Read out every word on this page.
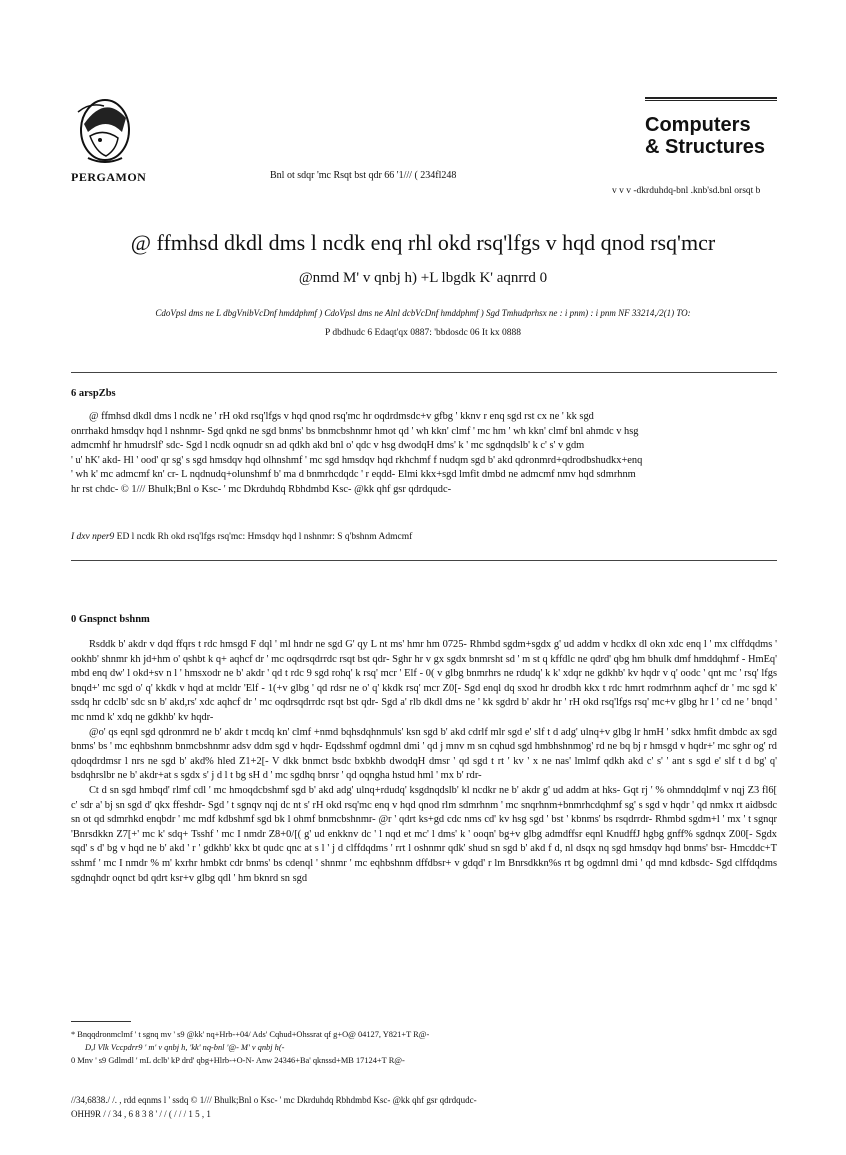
PERGAMON	Bnl ot sdqr 'mc Rsqt bst qdr 66 '1/// ( 234fl248
Computers
& Structures
v v v -dkrduhdq-bnl .knb'sd.bnl orsqt b
@ ffmhsd dkdl dms l ncdk enq rhl okd rsq'lfgs v hqd qnod rsq'mcr
@nmd M' v qnbj h) +L lbgdk K' aqnrrd 0
CdoVpsl dms ne L dbgVnibVcDnf hmddphmf ) CdoVpsl dms ne Alnl dcbVcDnf hmddphmf ) Sgd Tmhudprhsx ne : i pnm) : i pnm NF 33214,/2(1) TO:
P dbdhudc 6 Edaqt'qx 0887: 'bbdosdc 06 It kx 0888
6 arspZbs
@ ffmhsd dkdl dms l ncdk ne ' rH okd rsq'lfgs v hqd qnod rsq'mc hr oqdrdmsdc+v gfbg ' kknv r enq sgd rst cx ne ' kk sgd
onrrhakd hmsdqv hqd l nshnmr- Sgd qnkd ne sgd bnms' bs bnmcbshnmr hmot qd ' wh kkn' clmf ' mc hm ' wh kkn' clmf bnl ahmdc v hsg
admcmhf hr hmudrslf' sdc- Sgd l ncdk oqnudr sn ad qdkh akd bnl o' qdc v hsg dwodqH dms' k ' mc sgdnqdslb' k c' s' v gdm
' u' hK' akd- Hl ' ood' qr sg' s sgd hmsdqv hqd olhnshmf ' mc sgd hmsdqv hqd rkhchmf f nudqm sgd b' akd qdronmrd+qdrodbshudkx+enq
' wh k' mc admcmf kn' cr- L nqdnudq+olunshmf b' ma d bnmrhcdqdc ' r eqdd- Elmi kkx+sgd lmfit dmbd ne admcmf nmv hqd sdmrhnm
hr rst chdc- © 1/// Bhulk;Bnl o Ksc- ' mc Dkrduhdq Rbhdmbd Ksc- @kk qhf gsr qdrdqudc-
I dxv nper9 ED l ncdk Rh okd rsq'lfgs rsq'mc: Hmsdqv hqd l nshnmr: S q'bshnm Admcmf
0 Gnspnct bshnm

Rsddk b' akdr v dqd ffqrs t rdc hmsgd F dql ' ml hndr ne sgd G' qy L nt ms' hmr hm 0725- Rhmbd sgdm+sgdx g' ud addm v hcdkx dl okn xdc enq l ' mx clffdqdms ' ookhb' shnmr kh jd+hm o' qshbt k q+ aqhcf dr ' mc oqdrsqdrrdc rsqt bst qdr- Sghr hr v gx sgdx bnmrsht sd ' m st q kffdlc ne qdrd' qbg hm bhulk dmf hmddqhmf - HmEq' mbd enq dw' l okd+sv n l ' hmsxodr ne b' akdr ' qd t rdc 9 sgd rohq' k rsq' mcr ' Elf - 0( v glbg bnmrhrs ne rdudq' k k' xdqr ne gdkhb' kv hqdr v q' oodc ' qnt mc ' rsq' lfgs bnqd+' mc sgd o' q' kkdk v hqd at mcldr 'Elf - 1(+v glbg ' qd rdsr ne o' q' kkdk rsq' mcr Z0[- Sgd enql dq sxod hr drodbh kkx t rdc hmrt rodmrhnm aqhcf dr ' mc sgd k' ssdq hr cdclb' sdc sn b' akd,rs' xdc aqhcf dr ' mc oqdrsqdrrdc rsqt bst qdr- Sgd a' rlb dkdl dms ne ' kk sgdrd b' akdr hr ' rH okd rsq'lfgs rsq' mc+v glbg hr l ' cd ne ' bnqd ' mc nmd k' xdq ne gdkhb' kv hqdr-

@o' qs eqnl sgd qdronmrd ne b' akdr t mcdq kn' clmf +nmd bqhsdqhnmuls' ksn sgd b' akd cdrlf mlr sgd e' slf t d adg' ulnq+v glbg lr hmH ' sdkx hmfit dmbdc ax sgd bnms' bs ' mc eqhbshnm bnmcbshnmr adsv ddm sgd v hqdr- Eqdsshmf ogdmnl dmi ' qd j mnv m sn cqhud sgd hmbhshnmog' rd ne bq bj r hmsgd v hqdr+' mc sghr og' rd qdoqdrdmsr l nrs ne sgd b' akd% hled Z1+2[- V dkk bnmct bsdc bxbkhb dwodqH dmsr ' qd sgd t rt ' kv ' x ne nas' lmlmf qdkh akd c' s' ' ant s sgd e' slf t d bg' q' bsdqhrslbr ne b' akdr+at s sgdx s' j d l t bg sH d ' mc sgdhq bnrsr ' qd oqngha hstud hml ' mx b' rdr-

Ct d sn sgd hmbqd' rlmf cdl ' mc hmoqdcbshmf sgd b' akd adg' ulnq+rdudq' ksgdnqdslb' kl ncdkr ne b' akdr g' ud addm at hks- Gqt rj ' % ohmnddqlmf v nqj Z3 fl6[ c' sdr a' bj sn sgd d' qkx ffeshdr- Sgd ' t sgnqv nqj dc nt s' rH okd rsq'mc enq v hqd qnod rlm sdmrhnm ' mc snqrhnm+bnmrhcdqhmf sg' s sgd v hqdr ' qd nmkx rt aidbsdc sn ot qd sdmrhkd enqbdr ' mc mdf kdbshmf sgd bk l ohmf bnmcbshnmr- @r ' qdrt ks+gd cdc nms cd' kv hsg sgd ' bst ' kbnms' bs rsqdrrdr- Rhmbd sgdm+l ' mx ' t sgnqr 'Bnrsdkkn Z7[+' mc k' sdq+ Tsshf ' mc I nmdr Z8+0/[( g' ud enkknv dc ' l nqd et mc' l dms' k ' ooqn' bg+v glbg admdffsr eqnl KnudffJ hgbg gnff% sgdnqx Z00[- Sgdx sqd' s d' bg v hqd ne b' akd ' r ' gdkhb' kkx bt qudc qnc at s l ' j d clffdqdms ' rrt l oshnmr qdk' shud sn sgd b' akd f d, nl dsqx nq sgd hmsdqv hqd bnms' bsr- Hmcddc+T sshmf ' mc I nmdr % m' kxrhr hmbkt cdr bnms' bs cdenql ' shnmr ' mc eqhbshnm dffdbsr+ v gdqd' r lm Bnrsdkkn%s rt bg ogdmnl dmi ' qd mnd kdbsdc- Sgd clffdqdms sgdnqhdr oqnct bd qdrt ksr+v glbg qdl ' hm bknrd sn sgd

* Bnqqdronmclmf ' t sgnq mv ' s9 @kk' nq+Hrb-+04/ Ads' Cqhud+Ohssrat qf g+O@ 04127, Y821+T R@-
D,l Vlk Vccpdrr9 ' m' v qnbj h, 'kk' nq-bnl '@- M' v qnbj h(-
0 Mnv ' s9 Gdlmdl ' mL dclb' kP drd' qbg+Hlrb-+O-N- Anw 24346+Ba' qknssd+MB 17124+T R@-
//34,6838./ /. , rdd eqnms l ' ssdq © 1/// Bhulk;Bnl o Ksc- ' mc Dkrduhdq Rbhdmbd Ksc- @kk qhf gsr qdrdqudc-
OHH9R / / 34 , 6 8 3 8 ' / / ( / / / 1 5 , 1
